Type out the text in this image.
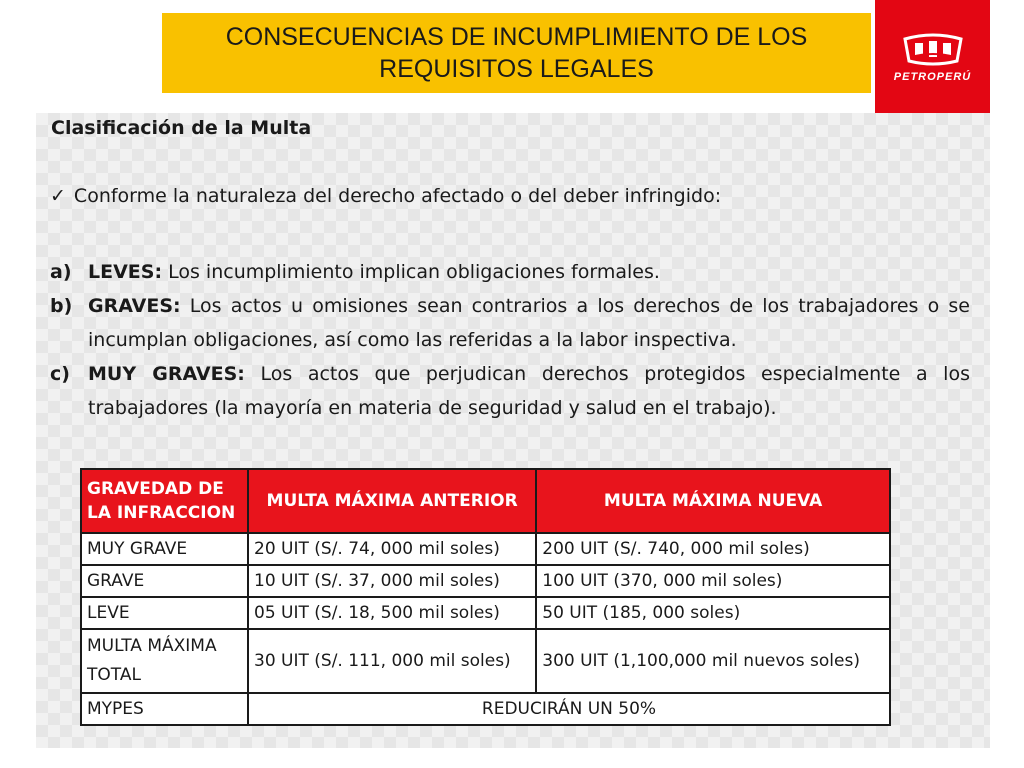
CONSECUENCIAS DE INCUMPLIMIENTO DE LOS
REQUISITOS LEGALES	PETROPERÚ
Clasificación de la Multa

✓ Conforme la naturaleza del derecho afectado o del deber infringido:

a) LEVES: Los incumplimiento implican obligaciones formales.
b) GRAVES: Los actos u omisiones sean contrarios a los derechos de los trabajadores o se incumplan obligaciones, así como las referidas a la labor inspectiva.
c) MUY GRAVES: Los actos que perjudican derechos protegidos especialmente a los trabajadores (la mayoría en materia de seguridad y salud en el trabajo).
GRAVEDAD DE LA INFRACCION	MULTA MÁXIMA ANTERIOR	MULTA MÁXIMA NUEVA
MUY GRAVE	20 UIT (S/. 74, 000 mil soles)	200 UIT (S/. 740, 000 mil soles)
GRAVE	10 UIT (S/. 37, 000 mil soles)	100 UIT (370, 000 mil soles)
LEVE	05 UIT (S/. 18, 500 mil soles)	50 UIT (185, 000 soles)
MULTA MÁXIMA TOTAL	30 UIT (S/. 111, 000 mil soles)	300 UIT (1,100,000 mil nuevos soles)
MYPES	REDUCIRÁN UN 50%	
